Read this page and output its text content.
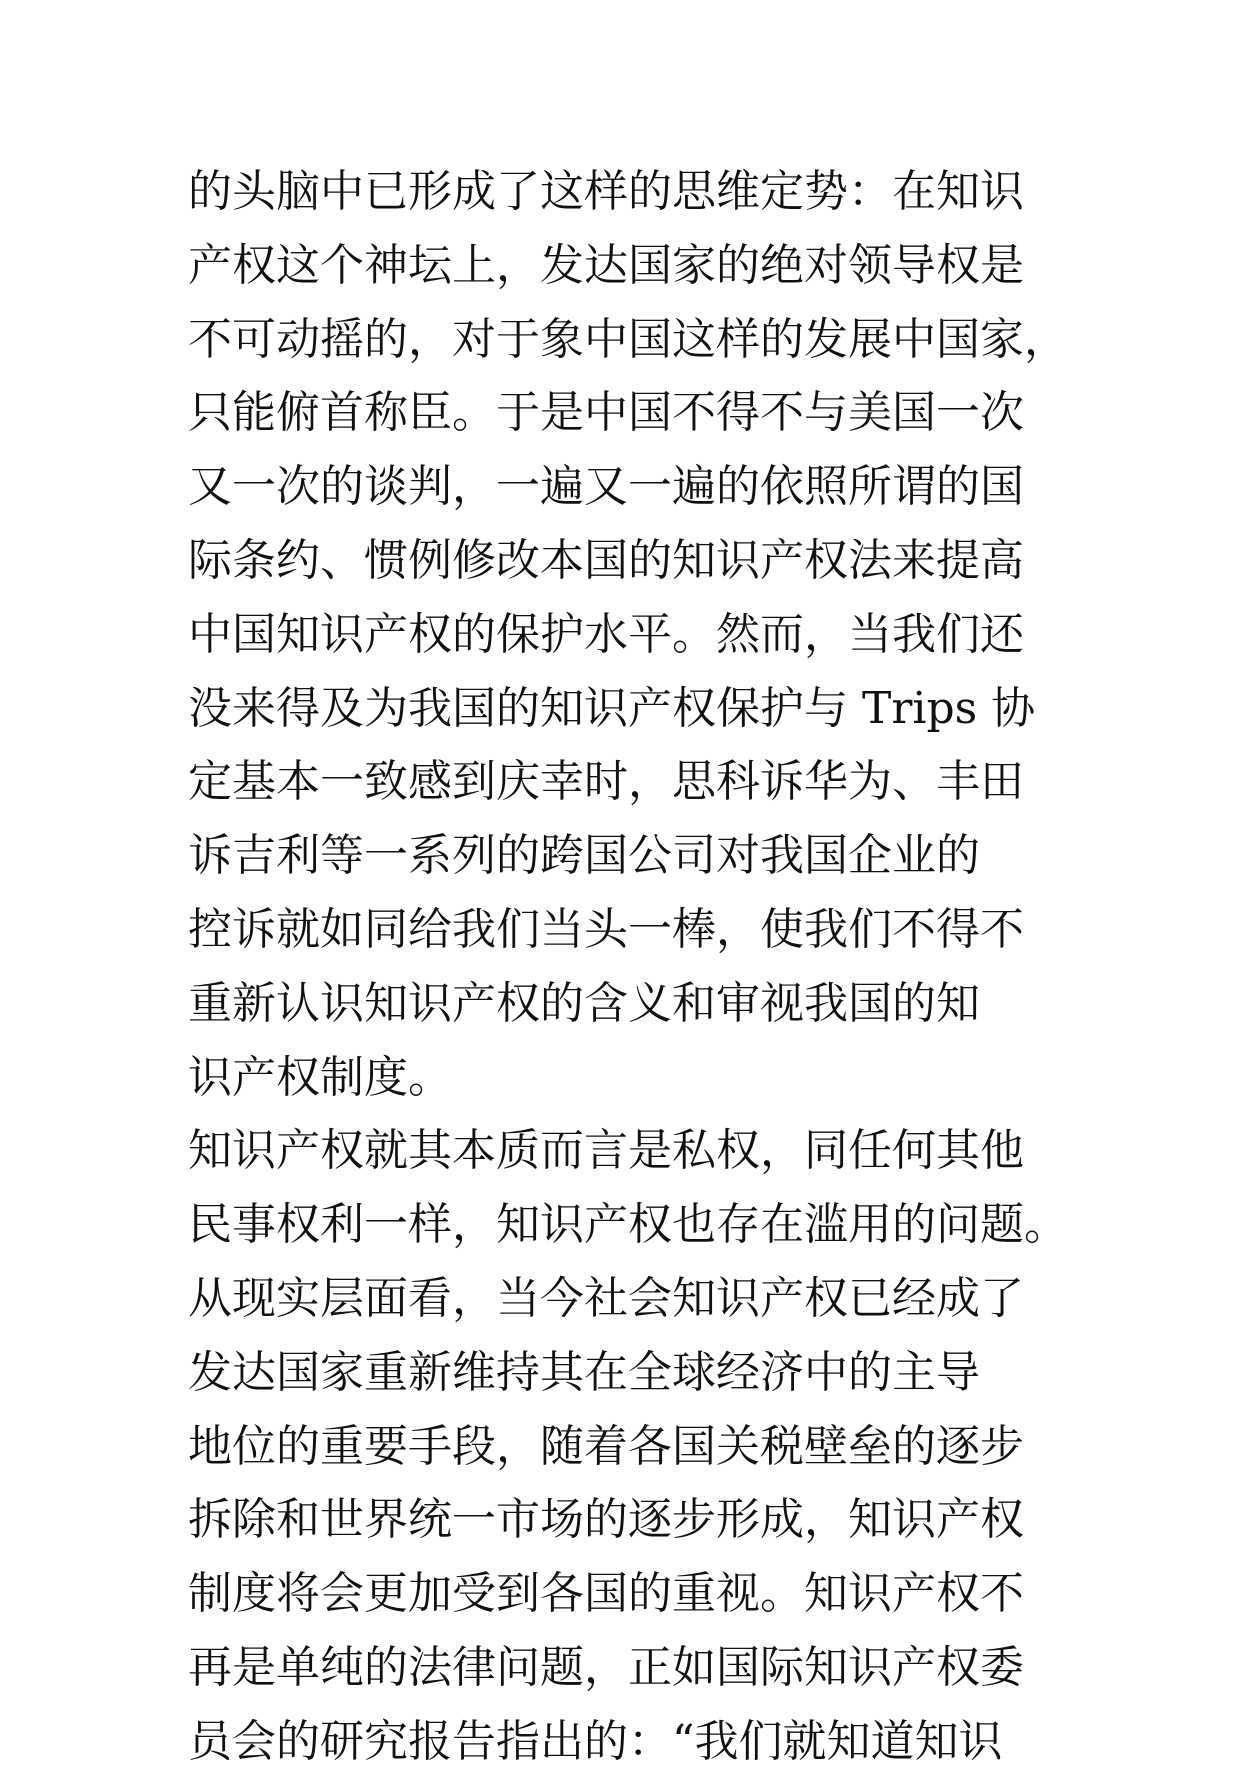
的头脑中已形成了这样的思维定势：在知识
产权这个神坛上，发达国家的绝对领导权是
不可动摇的，对于象中国这样的发展中国家，
只能俯首称臣。于是中国不得不与美国一次
又一次的谈判，一遍又一遍的依照所谓的国
际条约、惯例修改本国的知识产权法来提高
中国知识产权的保护水平。然而，当我们还
没来得及为我国的知识产权保护与 Trips 协
定基本一致感到庆幸时，思科诉华为、丰田
诉吉利等一系列的跨国公司对我国企业的
控诉就如同给我们当头一棒，使我们不得不
重新认识知识产权的含义和审视我国的知
识产权制度。
知识产权就其本质而言是私权，同任何其他
民事权利一样，知识产权也存在滥用的问题。
从现实层面看，当今社会知识产权已经成了
发达国家重新维持其在全球经济中的主导
地位的重要手段，随着各国关税壁垒的逐步
拆除和世界统一市场的逐步形成，知识产权
制度将会更加受到各国的重视。知识产权不
再是单纯的法律问题，正如国际知识产权委
员会的研究报告指出的：“我们就知道知识
